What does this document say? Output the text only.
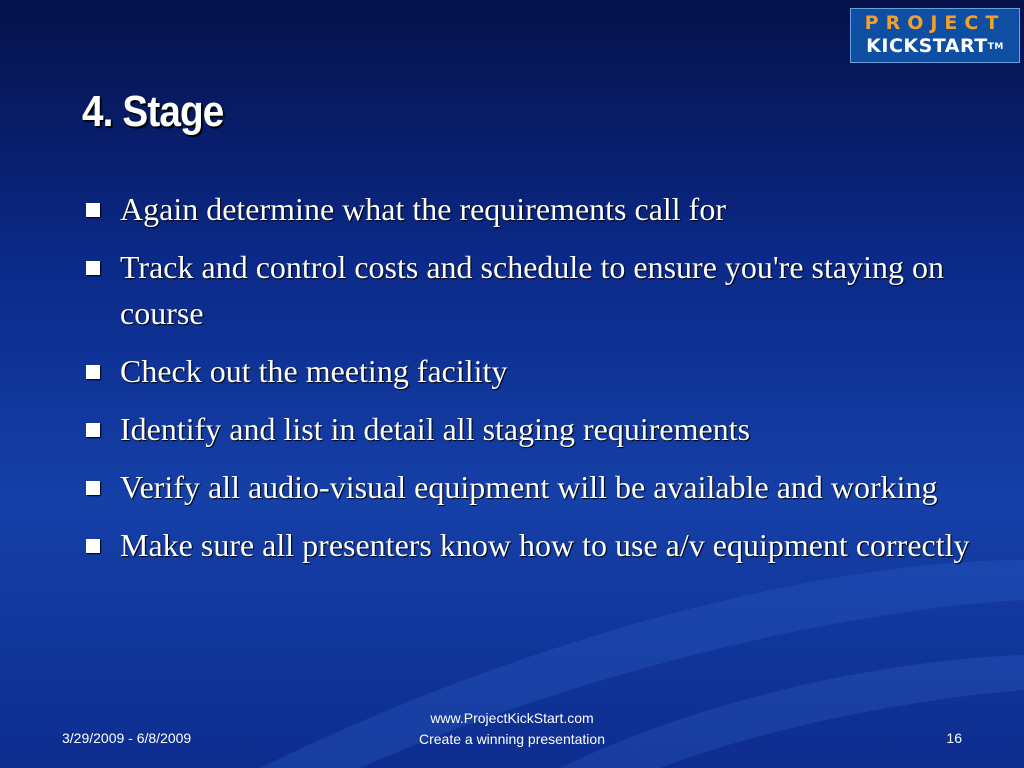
PROJECT
KICKSTART™
4. Stage
Again determine what the requirements call for
Track and control costs and schedule to ensure you're staying on course
Check out the meeting facility
Identify and list in detail all staging requirements
Verify all audio-visual equipment will be available and working
Make sure all presenters know how to use a/v equipment correctly
3/29/2009 - 6/8/2009
www.ProjectKickStart.com
Create a winning presentation	16
